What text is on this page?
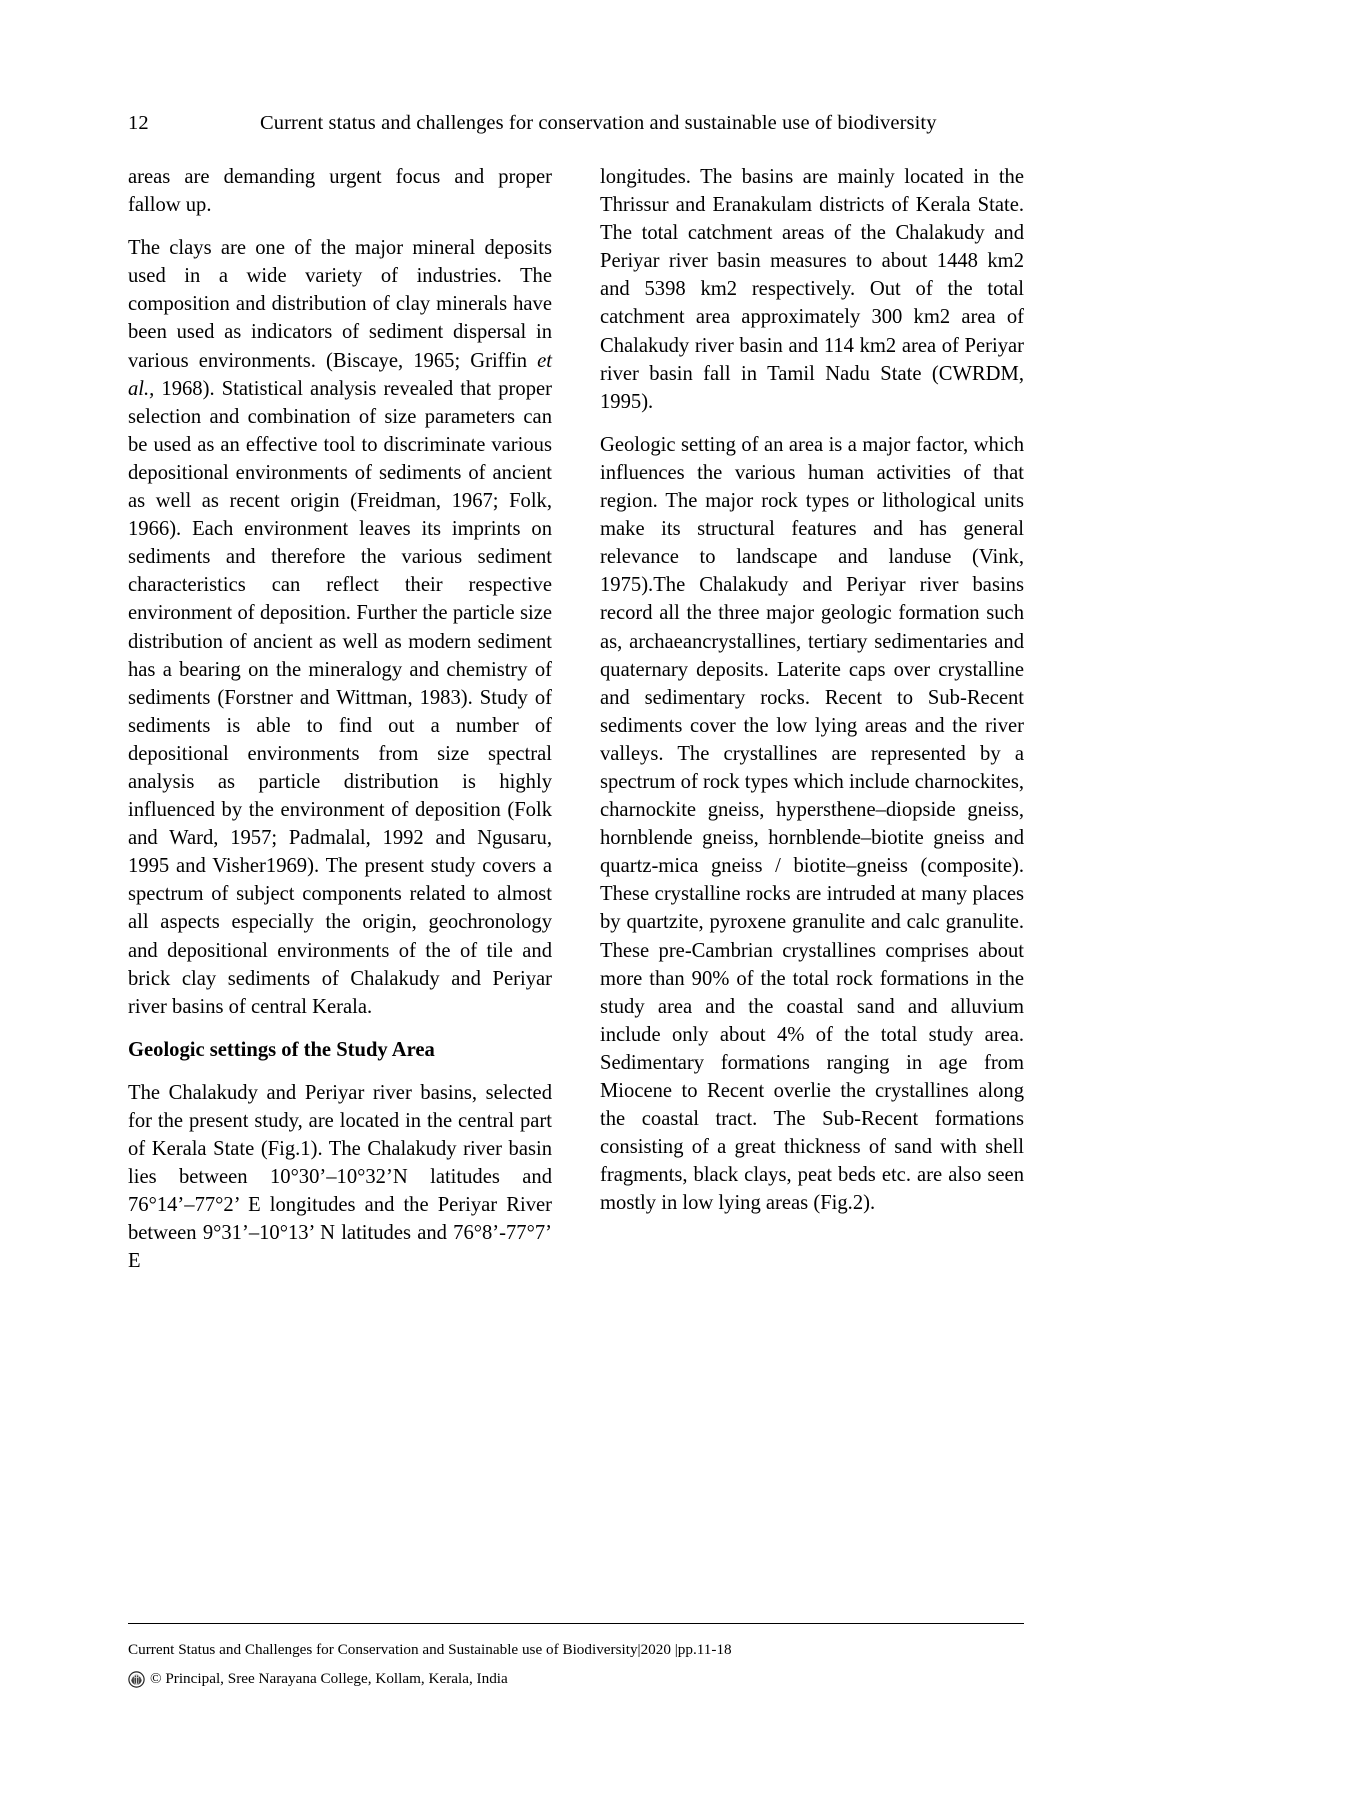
12	Current status and challenges for conservation and sustainable use of biodiversity

areas are demanding urgent focus and proper fallow up.

The clays are one of the major mineral deposits used in a wide variety of industries. The composition and distribution of clay minerals have been used as indicators of sediment dispersal in various environments. (Biscaye, 1965; Griffin et al., 1968). Statistical analysis revealed that proper selection and combination of size parameters can be used as an effective tool to discriminate various depositional environments of sediments of ancient as well as recent origin (Freidman, 1967; Folk, 1966). Each environment leaves its imprints on sediments and therefore the various sediment characteristics can reflect their respective environment of deposition. Further the particle size distribution of ancient as well as modern sediment has a bearing on the mineralogy and chemistry of sediments (Forstner and Wittman, 1983). Study of sediments is able to find out a number of depositional environments from size spectral analysis as particle distribution is highly influenced by the environment of deposition (Folk and Ward, 1957; Padmalal, 1992 and Ngusaru, 1995 and Visher1969). The present study covers a spectrum of subject components related to almost all aspects especially the origin, geochronology and depositional environments of the of tile and brick clay sediments of Chalakudy and Periyar river basins of central Kerala.

Geologic settings of the Study Area

The Chalakudy and Periyar river basins, selected for the present study, are located in the central part of Kerala State (Fig.1). The Chalakudy river basin lies between 10°30’–10°32’N latitudes and 76°14’–77°2’ E longitudes and the Periyar River between 9°31’–10°13’ N latitudes and 76°8’-77°7’ E

longitudes. The basins are mainly located in the Thrissur and Eranakulam districts of Kerala State. The total catchment areas of the Chalakudy and Periyar river basin measures to about 1448 km2 and 5398 km2 respectively. Out of the total catchment area approximately 300 km2 area of Chalakudy river basin and 114 km2 area of Periyar river basin fall in Tamil Nadu State (CWRDM, 1995).

Geologic setting of an area is a major factor, which influences the various human activities of that region. The major rock types or lithological units make its structural features and has general relevance to landscape and landuse (Vink, 1975).The Chalakudy and Periyar river basins record all the three major geologic formation such as, archaeancrystallines, tertiary sedimentaries and quaternary deposits. Laterite caps over crystalline and sedimentary rocks. Recent to Sub-Recent sediments cover the low lying areas and the river valleys. The crystallines are represented by a spectrum of rock types which include charnockites, charnockite gneiss, hypersthene–diopside gneiss, hornblende gneiss, hornblende–biotite gneiss and quartz-mica gneiss / biotite–gneiss (composite). These crystalline rocks are intruded at many places by quartzite, pyroxene granulite and calc granulite. These pre-Cambrian crystallines comprises about more than 90% of the total rock formations in the study area and the coastal sand and alluvium include only about 4% of the total study area. Sedimentary formations ranging in age from Miocene to Recent overlie the crystallines along the coastal tract. The Sub-Recent formations consisting of a great thickness of sand with shell fragments, black clays, peat beds etc. are also seen mostly in low lying areas (Fig.2).

Current Status and Challenges for Conservation and Sustainable use of Biodiversity|2020 |pp.11-18
© Principal, Sree Narayana College, Kollam, Kerala, India
